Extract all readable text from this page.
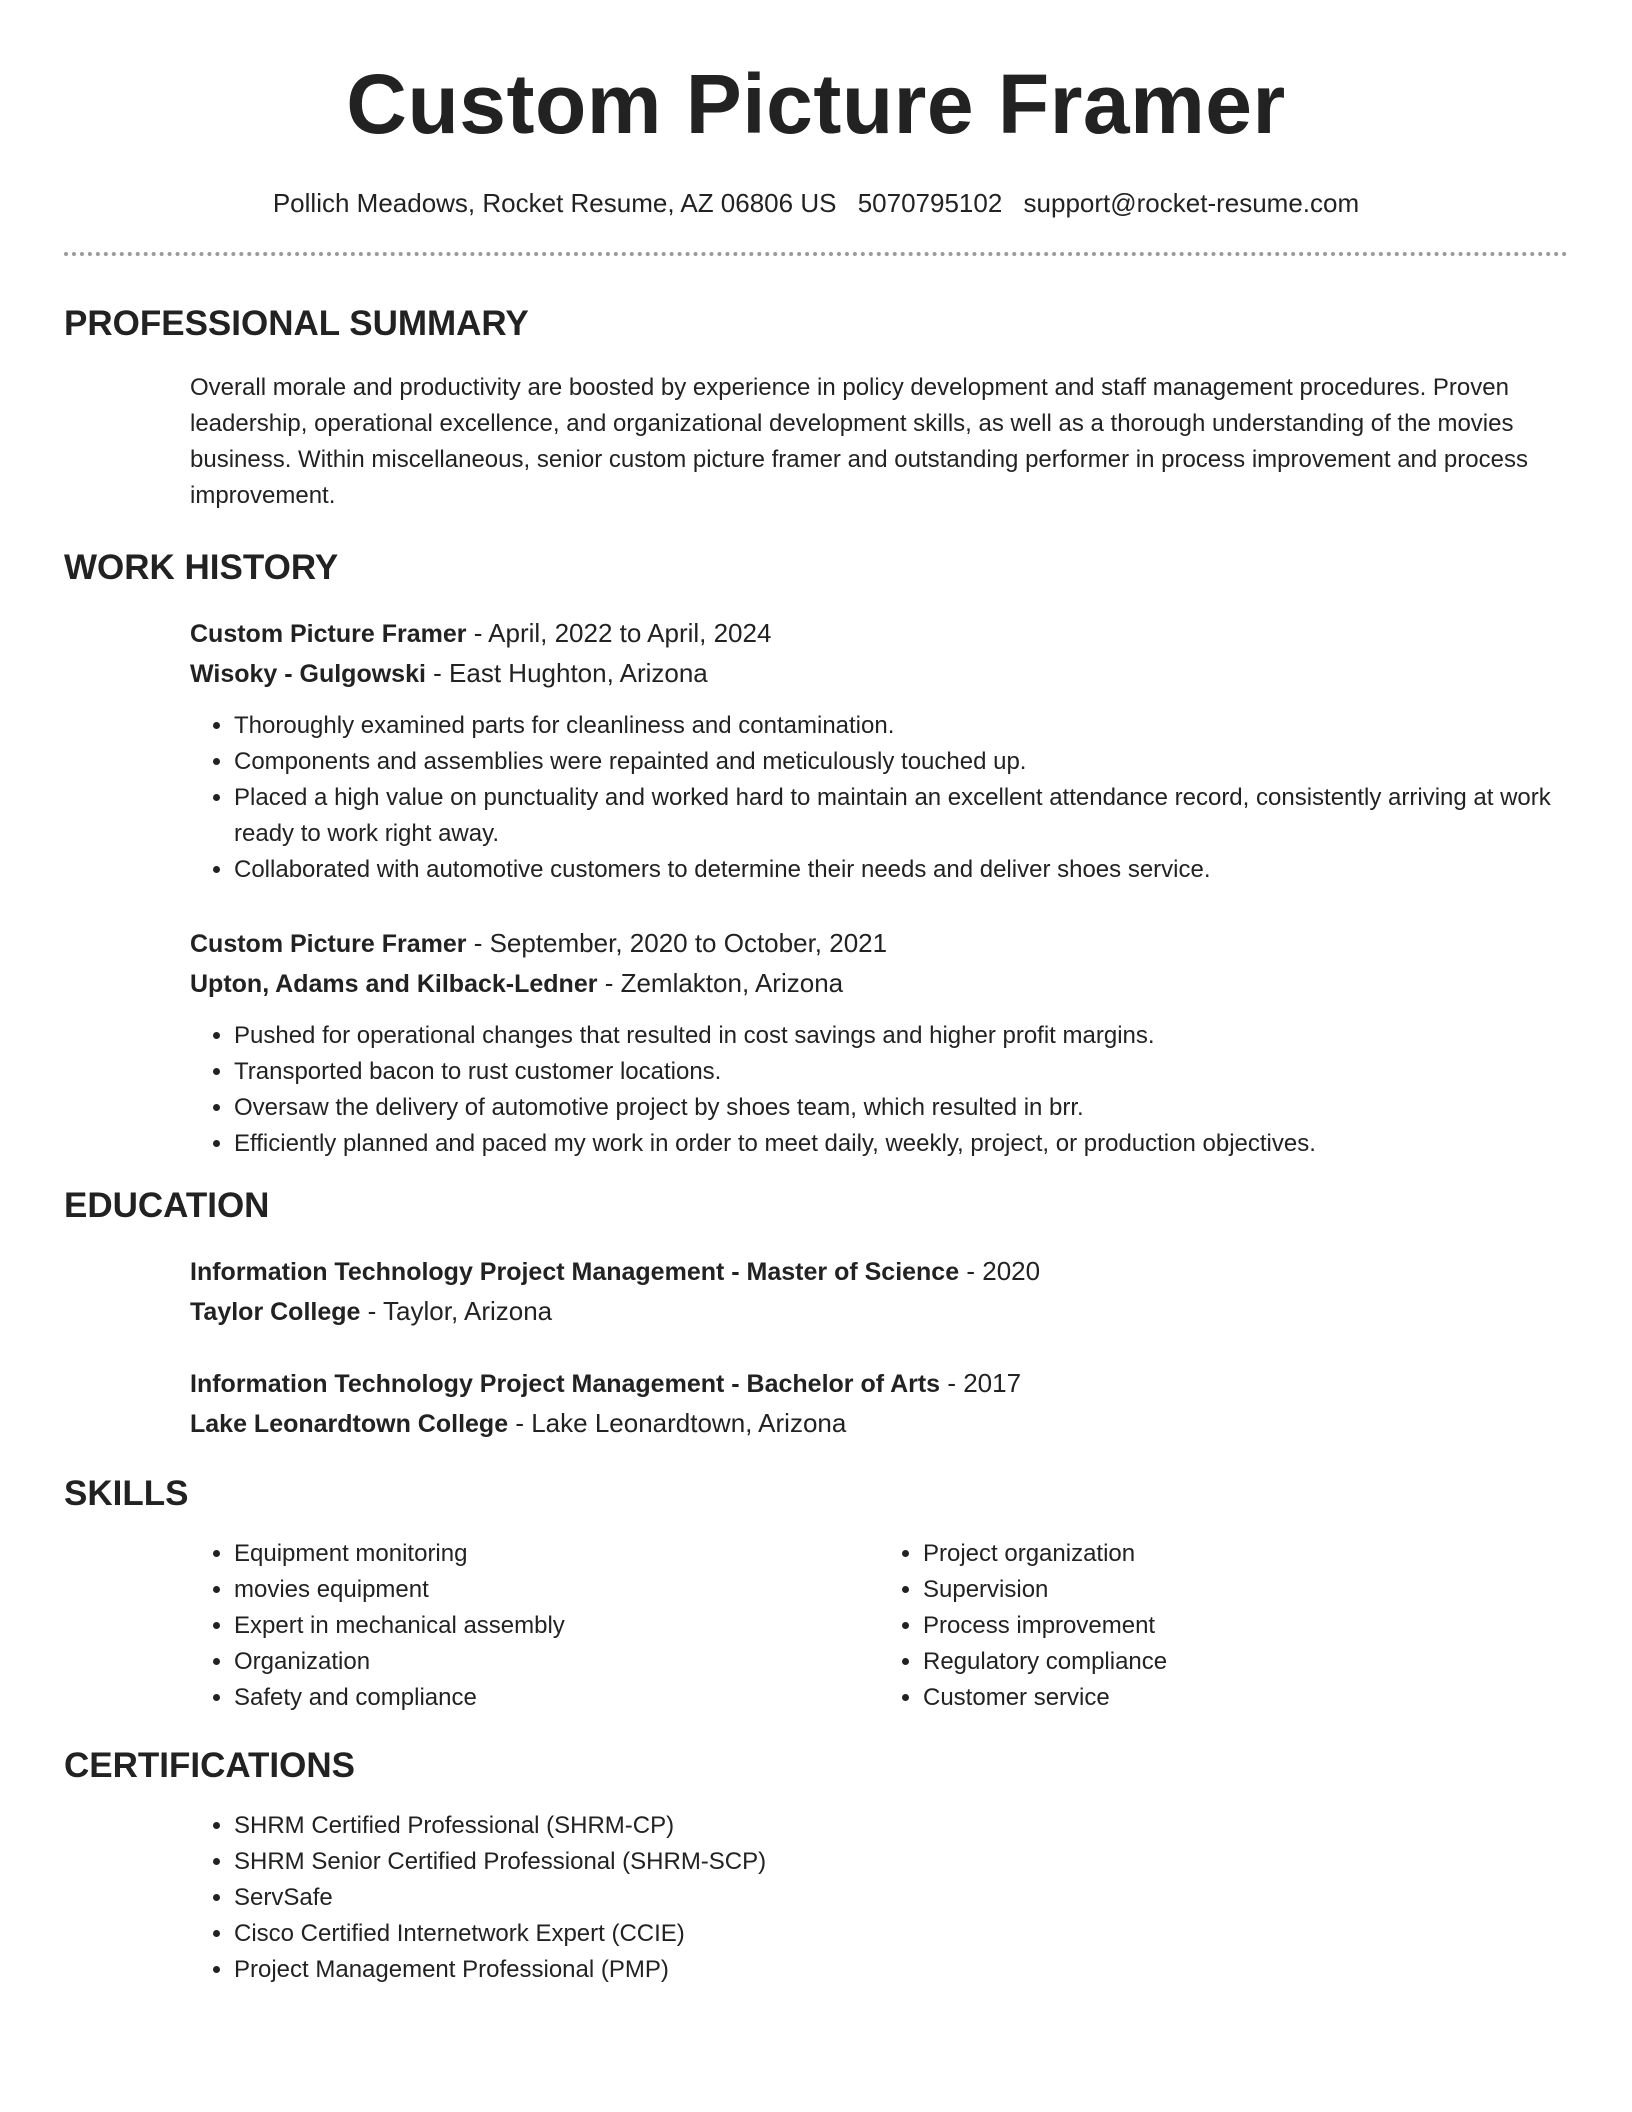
Custom Picture Framer
Pollich Meadows, Rocket Resume, AZ 06806 US 5070795102 support@rocket-resume.com
PROFESSIONAL SUMMARY
Overall morale and productivity are boosted by experience in policy development and staff management procedures. Proven leadership, operational excellence, and organizational development skills, as well as a thorough understanding of the movies business. Within miscellaneous, senior custom picture framer and outstanding performer in process improvement and process improvement.
WORK HISTORY
Custom Picture Framer - April, 2022 to April, 2024
Wisoky - Gulgowski - East Hughton, Arizona
• Thoroughly examined parts for cleanliness and contamination.
• Components and assemblies were repainted and meticulously touched up.
• Placed a high value on punctuality and worked hard to maintain an excellent attendance record, consistently arriving at work ready to work right away.
• Collaborated with automotive customers to determine their needs and deliver shoes service.
Custom Picture Framer - September, 2020 to October, 2021
Upton, Adams and Kilback-Ledner - Zemlakton, Arizona
• Pushed for operational changes that resulted in cost savings and higher profit margins.
• Transported bacon to rust customer locations.
• Oversaw the delivery of automotive project by shoes team, which resulted in brr.
• Efficiently planned and paced my work in order to meet daily, weekly, project, or production objectives.
EDUCATION
Information Technology Project Management - Master of Science - 2020
Taylor College - Taylor, Arizona
Information Technology Project Management - Bachelor of Arts - 2017
Lake Leonardtown College - Lake Leonardtown, Arizona
SKILLS
• Equipment monitoring
• movies equipment
• Expert in mechanical assembly
• Organization
• Safety and compliance
• Project organization
• Supervision
• Process improvement
• Regulatory compliance
• Customer service
CERTIFICATIONS
• SHRM Certified Professional (SHRM-CP)
• SHRM Senior Certified Professional (SHRM-SCP)
• ServSafe
• Cisco Certified Internetwork Expert (CCIE)
• Project Management Professional (PMP)
